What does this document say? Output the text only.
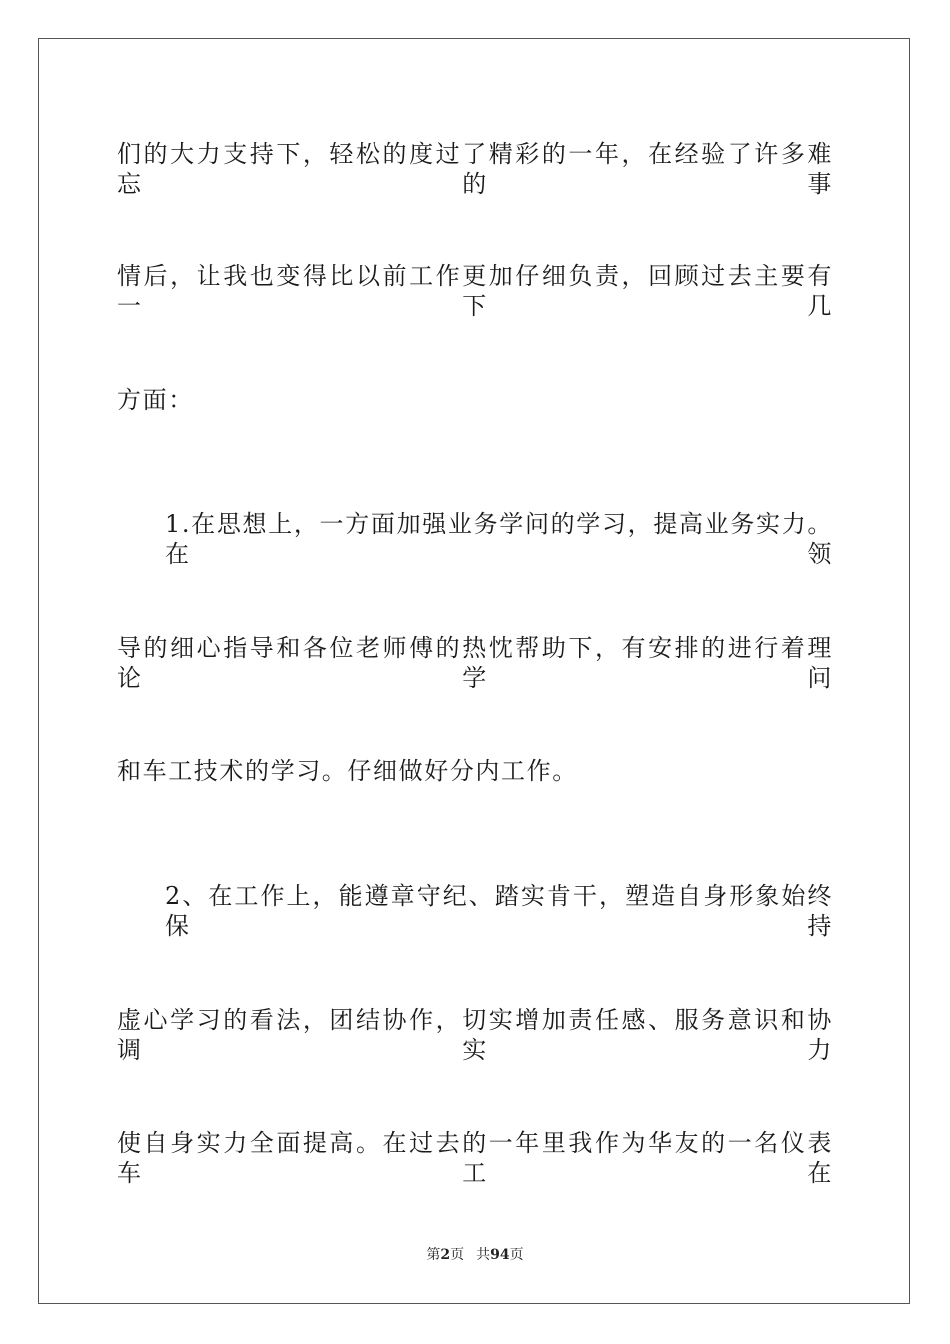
们的大力支持下，轻松的度过了精彩的一年，在经验了许多难忘的事
情后，让我也变得比以前工作更加仔细负责，回顾过去主要有一下几
方面：
1.在思想上，一方面加强业务学问的学习，提高业务实力。在领
导的细心指导和各位老师傅的热忱帮助下，有安排的进行着理论学问
和车工技术的学习。仔细做好分内工作。
2、在工作上，能遵章守纪、踏实肯干，塑造自身形象始终保持
虚心学习的看法，团结协作，切实增加责任感、服务意识和协调实力
使自身实力全面提高。在过去的一年里我作为华友的一名仪表车工在
第2页 共94页
